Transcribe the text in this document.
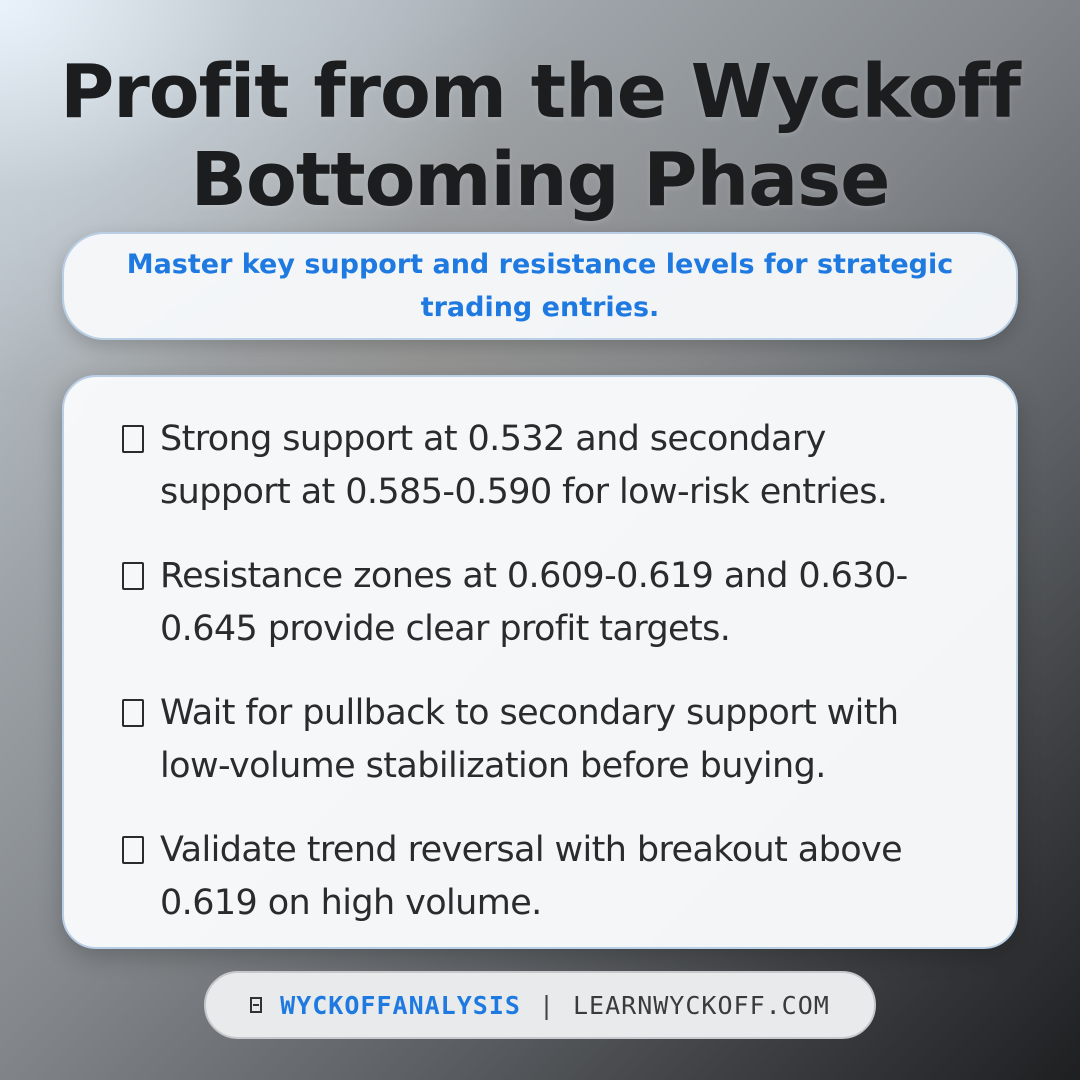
Profit from the Wyckoff
Bottoming Phase
Master key support and resistance levels for strategic trading entries.
Strong support at 0.532 and secondary support at 0.585-0.590 for low-risk entries.
Resistance zones at 0.609-0.619 and 0.630-0.645 provide clear profit targets.
Wait for pullback to secondary support with low-volume stabilization before buying.
Validate trend reversal with breakout above 0.619 on high volume.
WYCKOFFANALYSIS | LEARNWYCKOFF.COM
